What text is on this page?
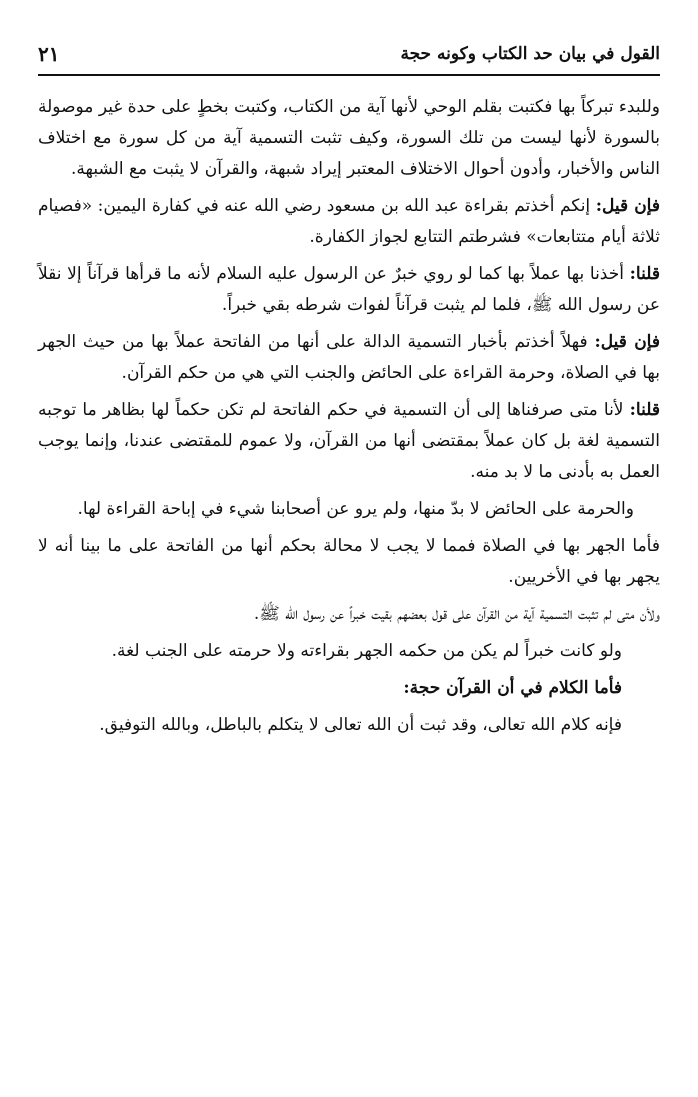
القول في بيان حد الكتاب وكونه حجة
٢١

وللبدء تبركاً بها فكتبت بقلم الوحي لأنها آية من الكتاب، وكتبت بخطٍ على حدة غير موصولة بالسورة لأنها ليست من تلك السورة، وكيف تثبت التسمية آية من كل سورة مع اختلاف الناس والأخبار، وأدون أحوال الاختلاف المعتبر إيراد شبهة، والقرآن لا يثبت مع الشبهة.

فإن قيل: إنكم أخذتم بقراءة عبد الله بن مسعود رضي الله عنه في كفارة اليمين: «فصيام ثلاثة أيام متتابعات» فشرطتم التتابع لجواز الكفارة.

قلنا: أخذنا بها عملاً بها كما لو روي خبرٌ عن الرسول عليه السلام لأنه ما قرأها قرآناً إلا نقلاً عن رسول الله ﷺ، فلما لم يثبت قرآناً لفوات شرطه بقي خبراً.

فإن قيل: فهلاً أخذتم بأخبار التسمية الدالة على أنها من الفاتحة عملاً بها من حيث الجهر بها في الصلاة، وحرمة القراءة على الحائض والجنب التي هي من حكم القرآن.

قلنا: لأنا متى صرفناها إلى أن التسمية في حكم الفاتحة لم تكن حكماً لها بظاهر ما توجبه التسمية لغة بل كان عملاً بمقتضى أنها من القرآن، ولا عموم للمقتضى عندنا، وإنما يوجب العمل به بأدنى ما لا بد منه.

والحرمة على الحائض لا بدّ منها، ولم يرو عن أصحابنا شيء في إباحة القراءة لها.

فأما الجهر بها في الصلاة فمما لا يجب لا محالة بحكم أنها من الفاتحة على ما بينا أنه لا يجهر بها في الأخريين.

ولأن متى لم تثبت التسمية آية من القرآن على قول بعضهم بقيت خبراً عن رسول الله ﷺ.

ولو كانت خبراً لم يكن من حكمه الجهر بقراءته ولا حرمته على الجنب لغة.

فأما الكلام في أن القرآن حجة:

فإنه كلام الله تعالى، وقد ثبت أن الله تعالى لا يتكلم بالباطل، وبالله التوفيق.
